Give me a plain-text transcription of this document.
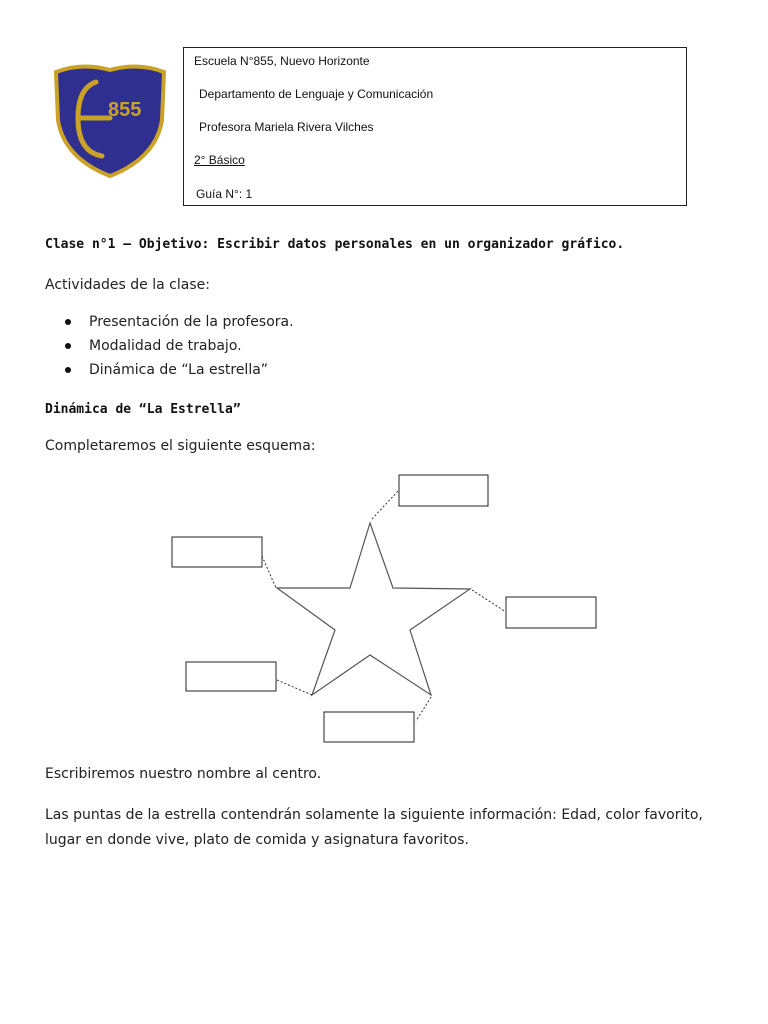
855
Escuela N°855, Nuevo Horizonte
Departamento de Lenguaje y Comunicación
Profesora Mariela Rivera Vilches
2° Básico
Guía N°: 1
Clase n°1 – Objetivo: Escribir datos personales en un organizador gráfico.
Actividades de la clase:
Presentación de la profesora.
Modalidad de trabajo.
Dinámica de “La estrella”
Dinámica de “La Estrella”
Completaremos el siguiente esquema:
Escribiremos nuestro nombre al centro.
Las puntas de la estrella contendrán solamente la siguiente información: Edad, color favorito, lugar en donde vive, plato de comida y asignatura favoritos.
